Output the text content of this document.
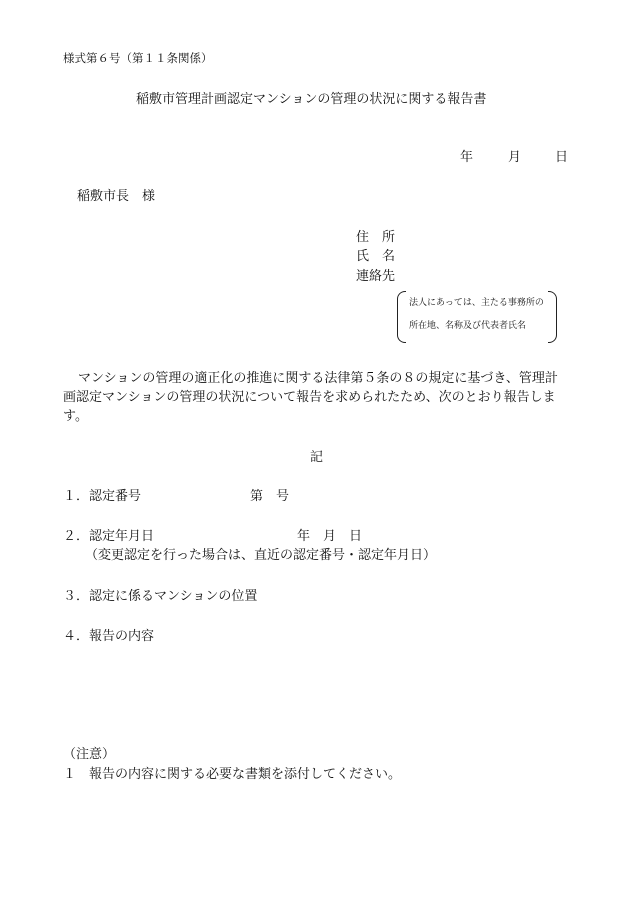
様式第６号（第１１条関係）
稲敷市管理計画認定マンションの管理の状況に関する報告書
年	月	日
稲敷市長　様
住　所
氏　名
連絡先
法人にあっては、主たる事務所の
所在地、名称及び代表者氏名
マンションの管理の適正化の推進に関する法律第５条の８の規定に基づき、管理計
画認定マンションの管理の状況について報告を求められたため、次のとおり報告しま
す。
記
１．認定番号	第　号
２．認定年月日	年　月　日
（変更認定を行った場合は、直近の認定番号・認定年月日）
３．認定に係るマンションの位置
４．報告の内容
（注意）
１　報告の内容に関する必要な書類を添付してください。
